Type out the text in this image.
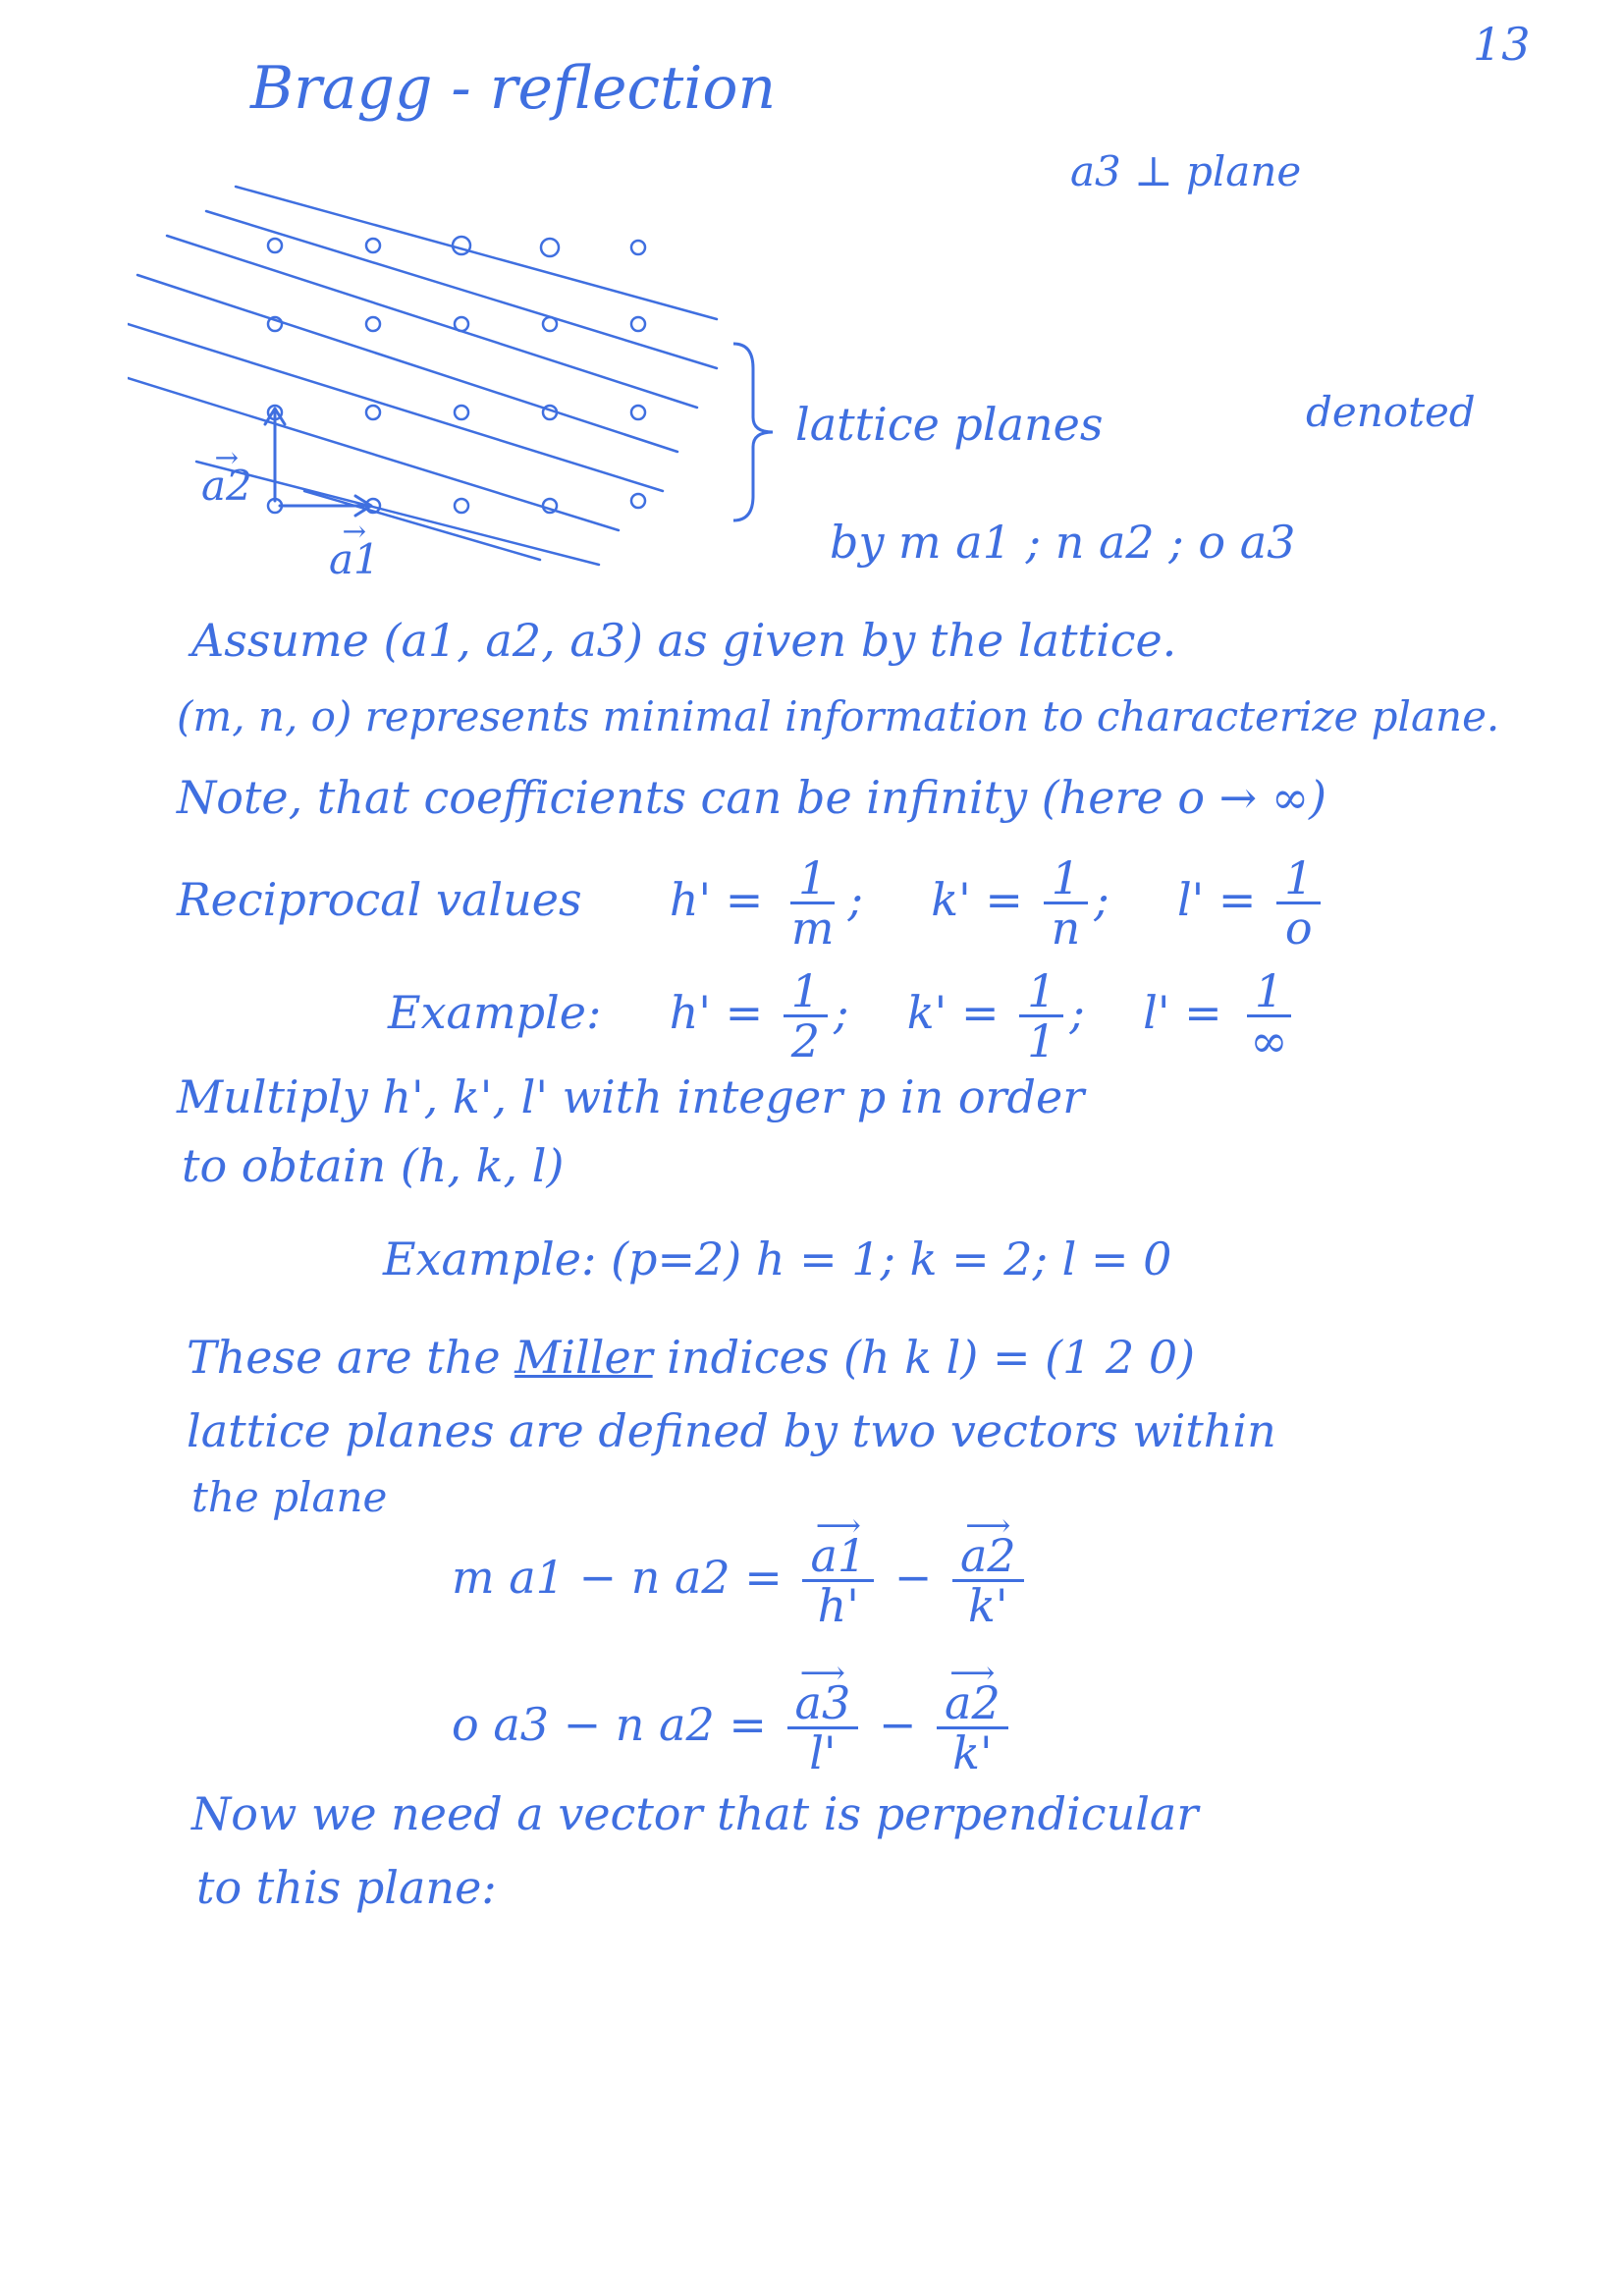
13
Bragg - reflection
a3 ⊥ plane
→ a2
→ a1
lattice planes	denoted
by m a1 ; n a2 ; o a3
Assume (a1, a2, a3) as given by the lattice.
(m, n, o) represents minimal information to characterize plane.
Note, that coefficients can be infinity (here o → ∞)
Reciprocal values $h' = \frac{1}{m}$ ;  $k' = \frac{1}{n}$ ;  $l' = \frac{1}{o}$
Example: $h' = \frac{1}{2}$ ;  $k' = \frac{1}{1}$ ;  $l' = \frac{1}{\infty}$
Multiply h', k', l' with integer p in order
to obtain (h, k, l)
Example: (p=2) h = 1; k = 2; l = 0
These are the Miller indices (h k l) = (1 2 0)
lattice planes are defined by two vectors within
the plane
m a1 − n a2 = ⟶ $\frac{a1}{h'}$ − ⟶ $\frac{a2}{k'}$
o a3 − n a2 = ⟶ $\frac{a3}{l'}$ − ⟶ $\frac{a2}{k'}$
Now we need a vector that is perpendicular
to this plane:
